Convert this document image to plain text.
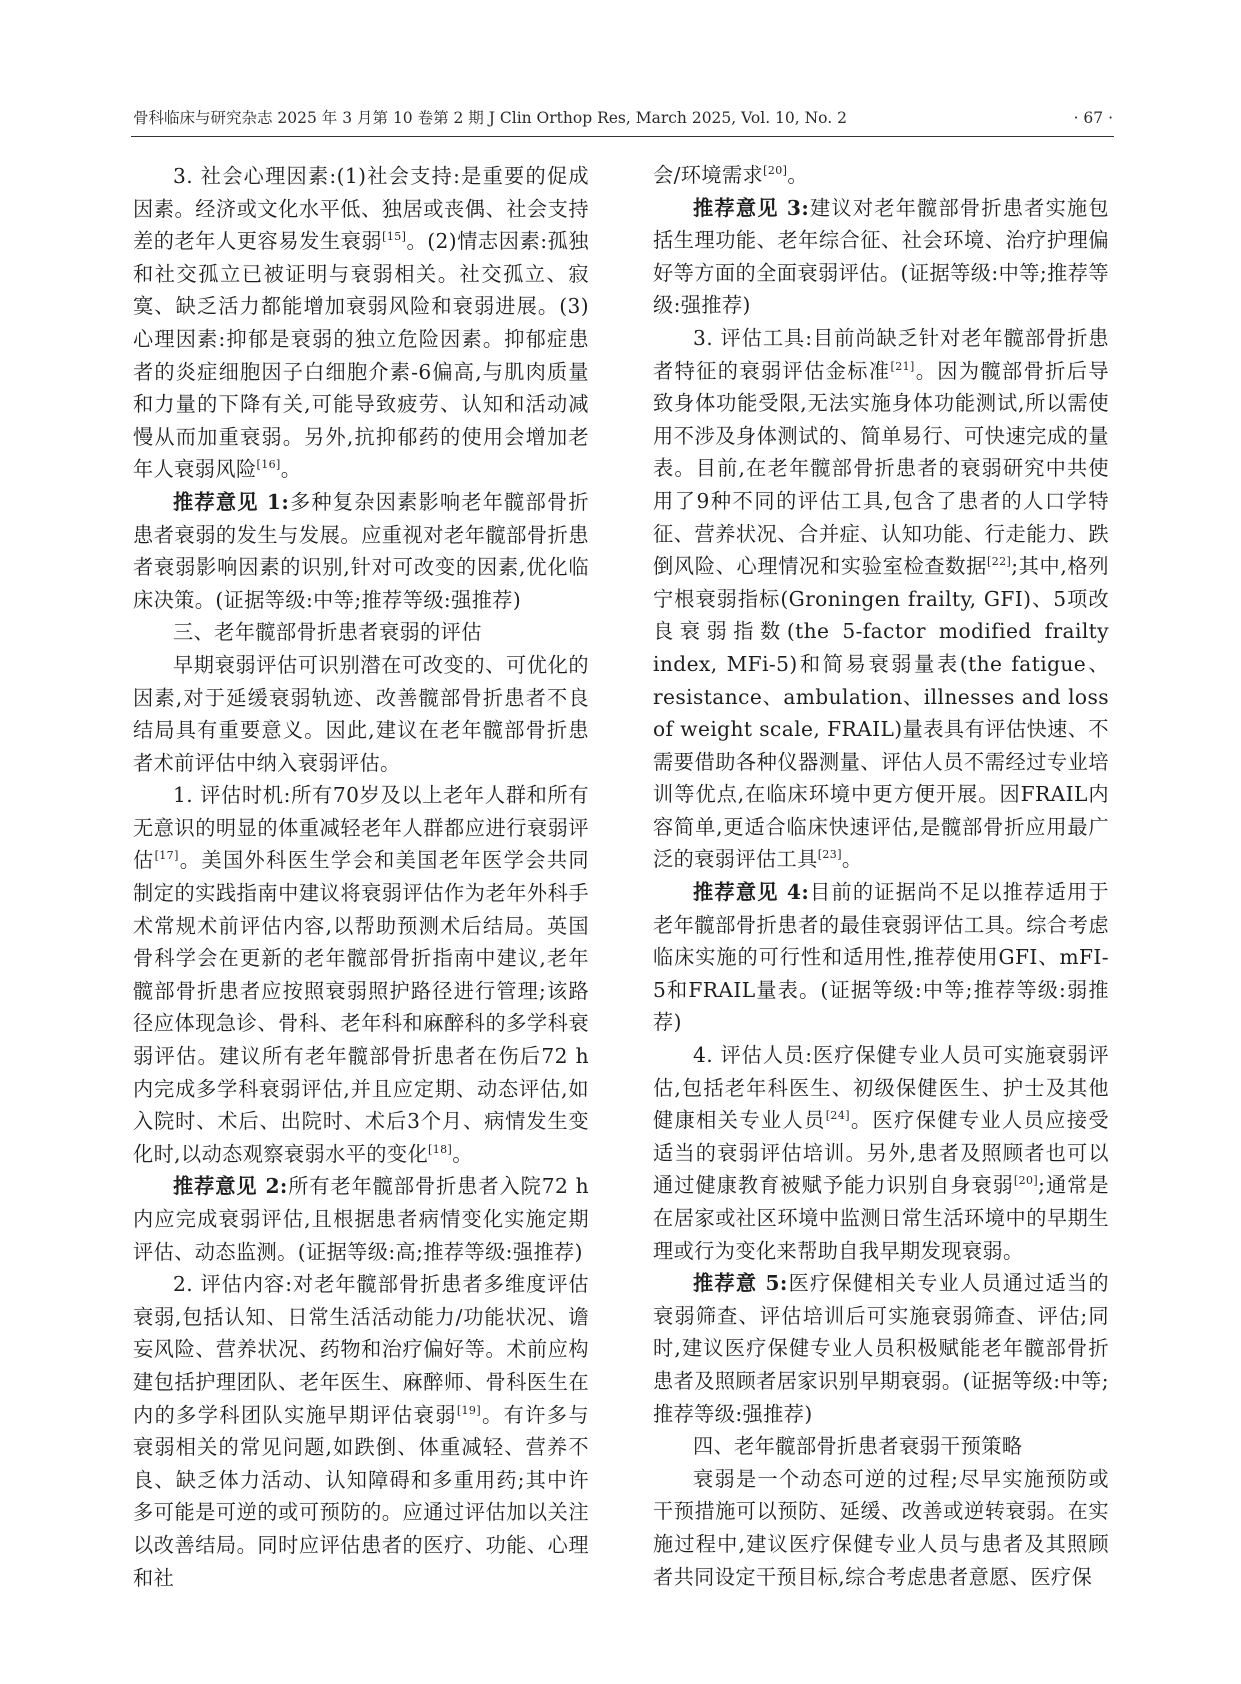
骨科临床与研究杂志 2025 年 3 月第 10 卷第 2 期 J Clin Orthop Res, March 2025, Vol. 10, No. 2	· 67 ·

3. 社会心理因素:(1)社会支持:是重要的促成因素。经济或文化水平低、独居或丧偶、社会支持差的老年人更容易发生衰弱[15]。(2)情志因素:孤独和社交孤立已被证明与衰弱相关。社交孤立、寂寞、缺乏活力都能增加衰弱风险和衰弱进展。(3)心理因素:抑郁是衰弱的独立危险因素。抑郁症患者的炎症细胞因子白细胞介素-6偏高,与肌肉质量和力量的下降有关,可能导致疲劳、认知和活动减慢从而加重衰弱。另外,抗抑郁药的使用会增加老年人衰弱风险[16]。

推荐意见 1:多种复杂因素影响老年髋部骨折患者衰弱的发生与发展。应重视对老年髋部骨折患者衰弱影响因素的识别,针对可改变的因素,优化临床决策。(证据等级:中等;推荐等级:强推荐)

三、老年髋部骨折患者衰弱的评估

早期衰弱评估可识别潜在可改变的、可优化的因素,对于延缓衰弱轨迹、改善髋部骨折患者不良结局具有重要意义。因此,建议在老年髋部骨折患者术前评估中纳入衰弱评估。

1. 评估时机:所有70岁及以上老年人群和所有无意识的明显的体重减轻老年人群都应进行衰弱评估[17]。美国外科医生学会和美国老年医学会共同制定的实践指南中建议将衰弱评估作为老年外科手术常规术前评估内容,以帮助预测术后结局。英国骨科学会在更新的老年髋部骨折指南中建议,老年髋部骨折患者应按照衰弱照护路径进行管理;该路径应体现急诊、骨科、老年科和麻醉科的多学科衰弱评估。建议所有老年髋部骨折患者在伤后72 h内完成多学科衰弱评估,并且应定期、动态评估,如入院时、术后、出院时、术后3个月、病情发生变化时,以动态观察衰弱水平的变化[18]。

推荐意见 2:所有老年髋部骨折患者入院72 h内应完成衰弱评估,且根据患者病情变化实施定期评估、动态监测。(证据等级:高;推荐等级:强推荐)

2. 评估内容:对老年髋部骨折患者多维度评估衰弱,包括认知、日常生活活动能力/功能状况、谵妄风险、营养状况、药物和治疗偏好等。术前应构建包括护理团队、老年医生、麻醉师、骨科医生在内的多学科团队实施早期评估衰弱[19]。有许多与衰弱相关的常见问题,如跌倒、体重减轻、营养不良、缺乏体力活动、认知障碍和多重用药;其中许多可能是可逆的或可预防的。应通过评估加以关注以改善结局。同时应评估患者的医疗、功能、心理和社

会/环境需求[20]。

推荐意见 3:建议对老年髋部骨折患者实施包括生理功能、老年综合征、社会环境、治疗护理偏好等方面的全面衰弱评估。(证据等级:中等;推荐等级:强推荐)

3. 评估工具:目前尚缺乏针对老年髋部骨折患者特征的衰弱评估金标准[21]。因为髋部骨折后导致身体功能受限,无法实施身体功能测试,所以需使用不涉及身体测试的、简单易行、可快速完成的量表。目前,在老年髋部骨折患者的衰弱研究中共使用了9种不同的评估工具,包含了患者的人口学特征、营养状况、合并症、认知功能、行走能力、跌倒风险、心理情况和实验室检查数据[22];其中,格列宁根衰弱指标(Groningen frailty, GFI)、5项改良衰弱指数(the 5-factor modified frailty index, MFi-5)和简易衰弱量表(the fatigue、resistance、ambulation、illnesses and loss of weight scale, FRAIL)量表具有评估快速、不需要借助各种仪器测量、评估人员不需经过专业培训等优点,在临床环境中更方便开展。因FRAIL内容简单,更适合临床快速评估,是髋部骨折应用最广泛的衰弱评估工具[23]。

推荐意见 4:目前的证据尚不足以推荐适用于老年髋部骨折患者的最佳衰弱评估工具。综合考虑临床实施的可行性和适用性,推荐使用GFI、mFI-5和FRAIL量表。(证据等级:中等;推荐等级:弱推荐)

4. 评估人员:医疗保健专业人员可实施衰弱评估,包括老年科医生、初级保健医生、护士及其他健康相关专业人员[24]。医疗保健专业人员应接受适当的衰弱评估培训。另外,患者及照顾者也可以通过健康教育被赋予能力识别自身衰弱[20];通常是在居家或社区环境中监测日常生活环境中的早期生理或行为变化来帮助自我早期发现衰弱。

推荐意 5:医疗保健相关专业人员通过适当的衰弱筛查、评估培训后可实施衰弱筛查、评估;同时,建议医疗保健专业人员积极赋能老年髋部骨折患者及照顾者居家识别早期衰弱。(证据等级:中等;推荐等级:强推荐)

四、老年髋部骨折患者衰弱干预策略

衰弱是一个动态可逆的过程;尽早实施预防或干预措施可以预防、延缓、改善或逆转衰弱。在实施过程中,建议医疗保健专业人员与患者及其照顾者共同设定干预目标,综合考虑患者意愿、医疗保
